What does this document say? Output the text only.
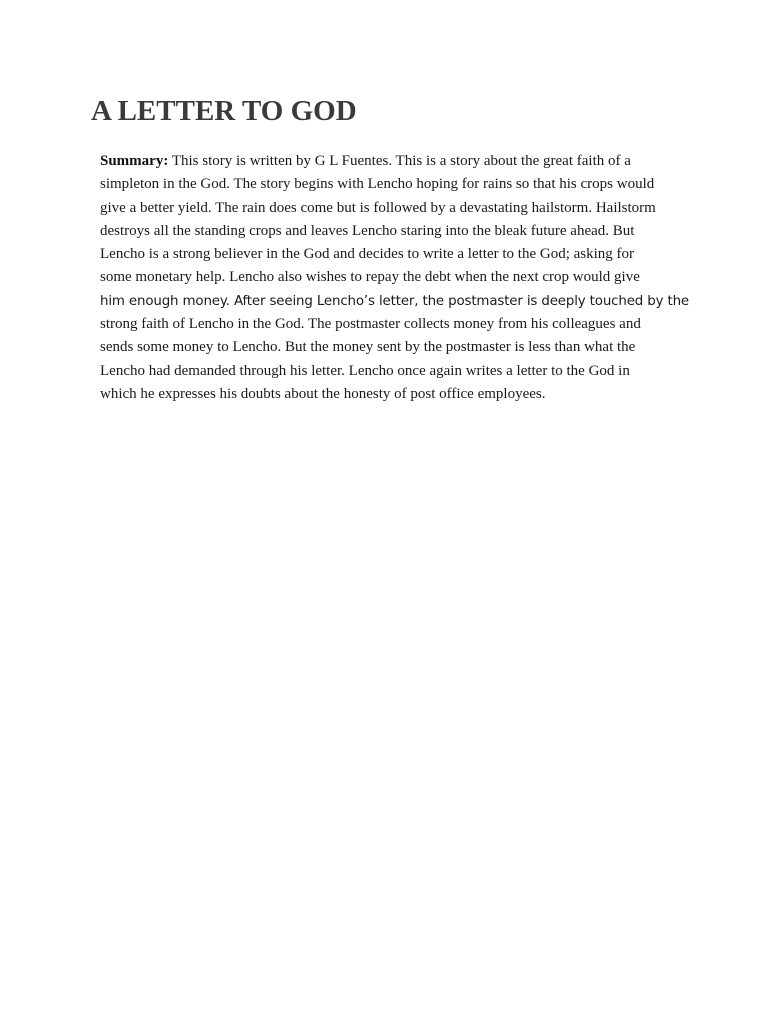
A LETTER TO GOD
Summary: This story is written by G L Fuentes. This is a story about the great faith of a
simpleton in the God. The story begins with Lencho hoping for rains so that his crops would
give a better yield. The rain does come but is followed by a devastating hailstorm. Hailstorm
destroys all the standing crops and leaves Lencho staring into the bleak future ahead. But
Lencho is a strong believer in the God and decides to write a letter to the God; asking for
some monetary help. Lencho also wishes to repay the debt when the next crop would give
him enough money. After seeing Lencho’s letter, the postmaster is deeply touched by the
strong faith of Lencho in the God. The postmaster collects money from his colleagues and
sends some money to Lencho. But the money sent by the postmaster is less than what the
Lencho had demanded through his letter. Lencho once again writes a letter to the God in
which he expresses his doubts about the honesty of post office employees.
